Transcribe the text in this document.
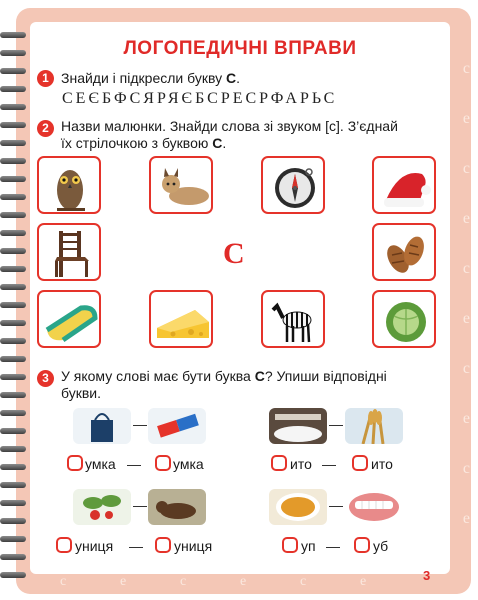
с
е
с
е
с
е
с
е
с
е
с	е	с	е	с	е
ЛОГОПЕДИЧНІ ВПРАВИ
1 Знайди і підкресли букву С.
СЕЄБФСЯРЯЄБСРЕСРФАРЬС
2 Назви малюнки. Знайди слова зі звуком [с]. З’єднай
їх стрілочкою з буквою С.
С
3 У якому слові має бути буква С? Упиши відповідні
букви.
—	—
умка — умка	ито —	ито
—	—
униця — униця	уп — уб
3
